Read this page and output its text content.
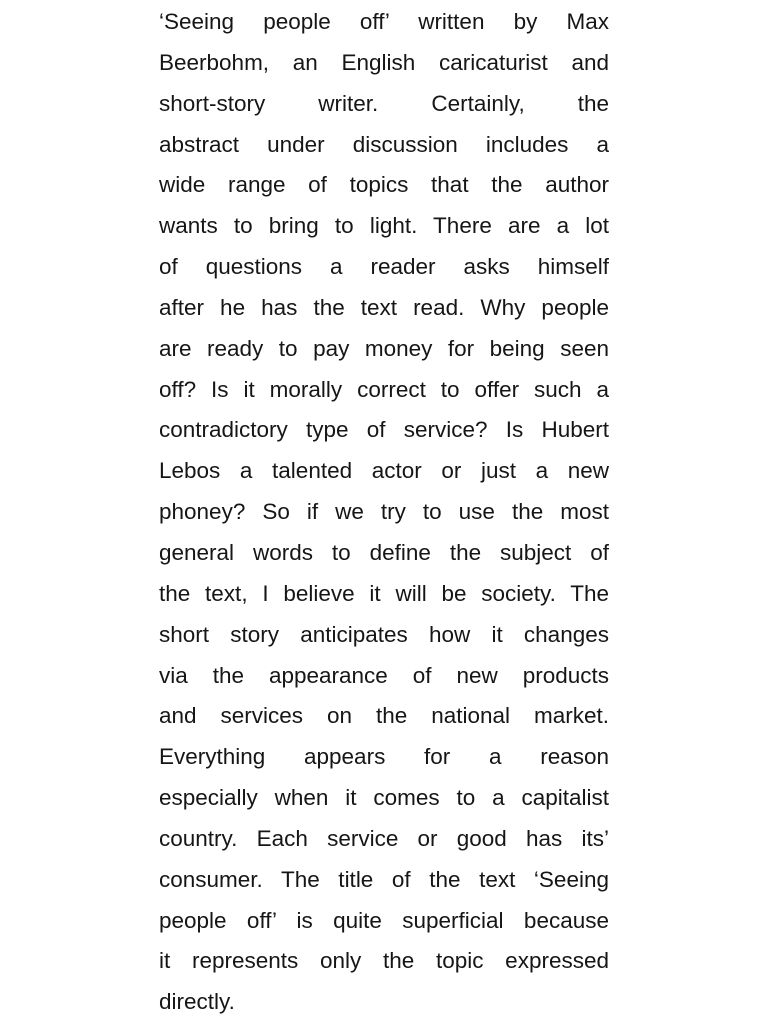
‘Seeing people off’ written by Max
Beerbohm, an English caricaturist and
short-story writer. Certainly, the
abstract under discussion includes a
wide range of topics that the author
wants to bring to light. There are a lot
of questions a reader asks himself
after he has the text read. Why people
are ready to pay money for being seen
off? Is it morally correct to offer such a
contradictory type of service? Is Hubert
Lebos a talented actor or just a new
phoney? So if we try to use the most
general words to define the subject of
the text, I believe it will be society. The
short story anticipates how it changes
via the appearance of new products
and services on the national market.
Everything appears for a reason
especially when it comes to a capitalist
country. Each service or good has its’
consumer. The title of the text ‘Seeing
people off’ is quite superficial because
it represents only the topic expressed
directly.
